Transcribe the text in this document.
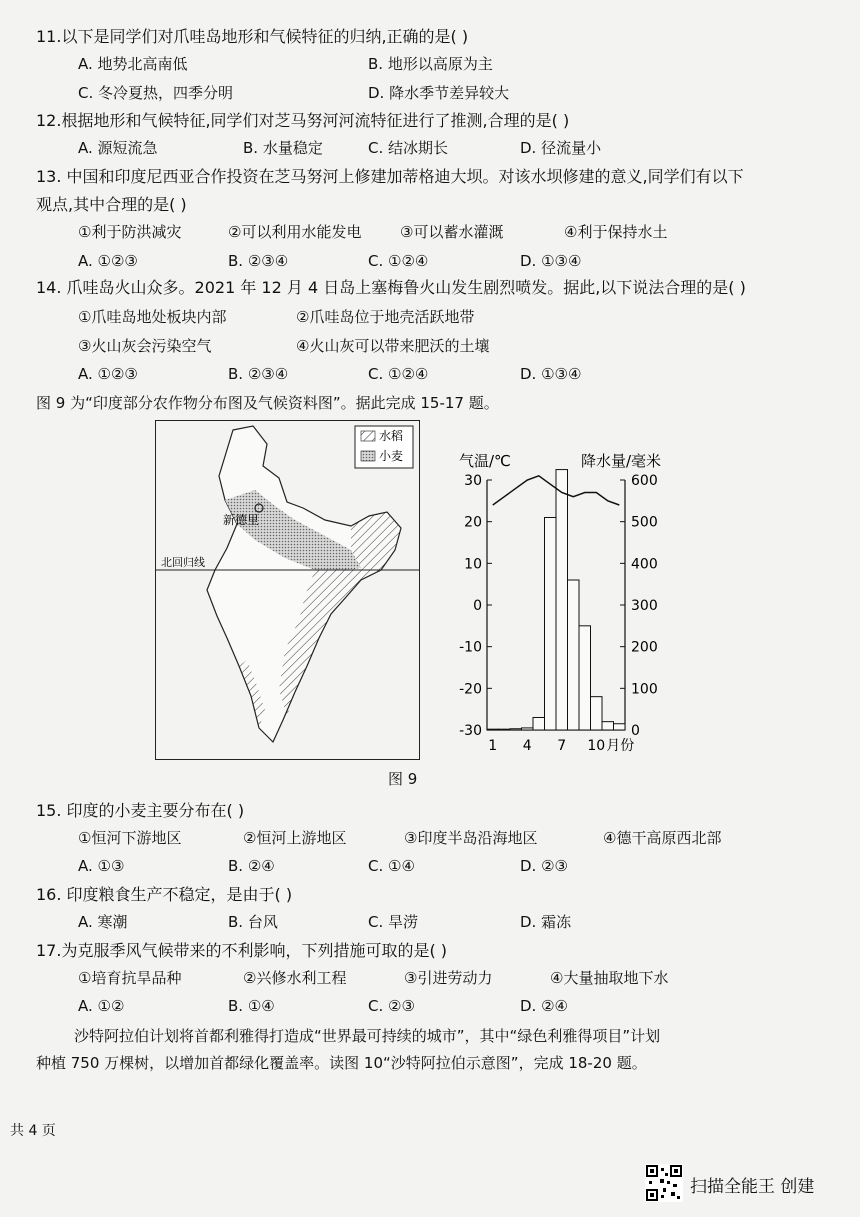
11.以下是同学们对爪哇岛地形和气候特征的归纳,正确的是( )
A. 地势北高南低	B. 地形以高原为主
C. 冬冷夏热，四季分明	D. 降水季节差异较大
12.根据地形和气候特征,同学们对芝马努河河流特征进行了推测,合理的是( )
A. 源短流急	B. 水量稳定	C. 结冰期长	D. 径流量小
13. 中国和印度尼西亚合作投资在芝马努河上修建加蒂格迪大坝。对该水坝修建的意义,同学们有以下
观点,其中合理的是( )
①利于防洪减灾	②可以利用水能发电	③可以蓄水灌溉	④利于保持水土
A. ①②③	B. ②③④	C. ①②④	D. ①③④
14. 爪哇岛火山众多。2021 年 12 月 4 日岛上塞梅鲁火山发生剧烈喷发。据此,以下说法合理的是( )
①爪哇岛地处板块内部	②爪哇岛位于地壳活跃地带
③火山灰会污染空气	④火山灰可以带来肥沃的土壤
A. ①②③	B. ②③④	C. ①②④	D. ①③④
图 9 为“印度部分农作物分布图及气候资料图”。据此完成 15-17 题。
新德里
北回归线
水稻
小麦	气温/℃	降水量/毫米
30
20
10
0
-10
-20
-30
600
500
400
300
200
100
0
1 4 7 10 月份
图 9
15. 印度的小麦主要分布在( )
①恒河下游地区	②恒河上游地区	③印度半岛沿海地区	④德干高原西北部
A. ①③	B. ②④	C. ①④	D. ②③
16. 印度粮食生产不稳定，是由于( )
A. 寒潮	B. 台风	C. 旱涝	D. 霜冻
17.为克服季风气候带来的不利影响，下列措施可取的是( )
①培育抗旱品种	②兴修水利工程	③引进劳动力	④大量抽取地下水
A. ①②	B. ①④	C. ②③	D. ②④
沙特阿拉伯计划将首都利雅得打造成“世界最可持续的城市”，其中“绿色利雅得项目”计划
种植 750 万棵树，以增加首都绿化覆盖率。读图 10“沙特阿拉伯示意图”，完成 18-20 题。
共 4 页
扫描全能王 创建
